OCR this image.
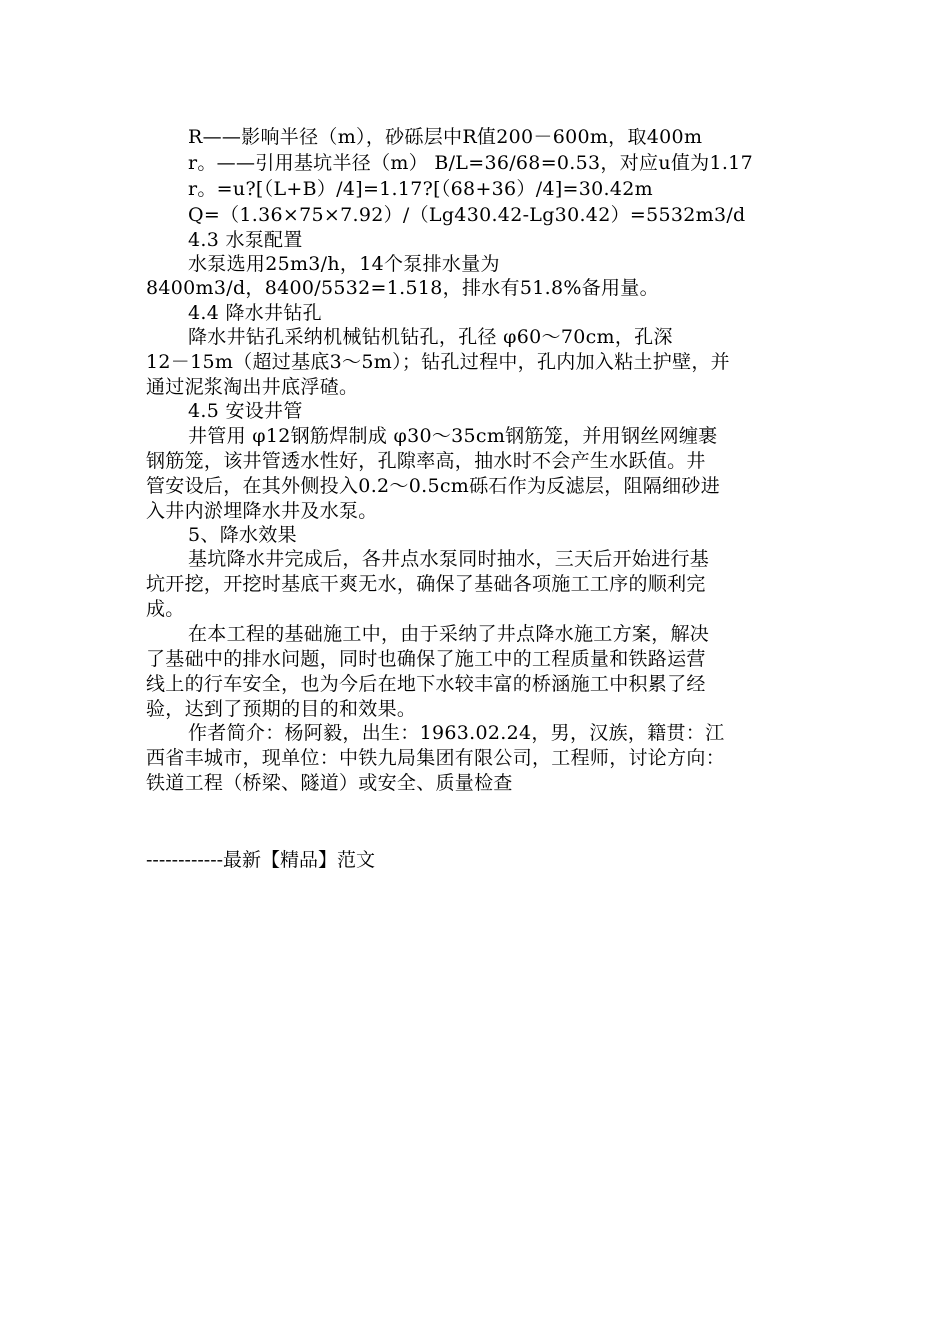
R——影响半径（m），砂砾层中R值200－600m，取400m
r。——引用基坑半径（m） B/L=36/68=0.53，对应u值为1.17
r。=u?[（L+B）/4]=1.17?[（68+36）/4]=30.42m
Q=（1.36×75×7.92）/（Lg430.42-Lg30.42）=5532m3/d
4.3 水泵配置
水泵选用25m3/h，14个泵排水量为
8400m3/d，8400/5532=1.518，排水有51.8%备用量。
4.4 降水井钻孔
降水井钻孔采纳机械钻机钻孔，孔径 φ60～70cm，孔深
12－15m（超过基底3～5m）；钻孔过程中，孔内加入粘土护壁，并
通过泥浆淘出井底浮碴。
4.5 安设井管
井管用 φ12钢筋焊制成 φ30～35cm钢筋笼，并用钢丝网缠裹
钢筋笼，该井管透水性好，孔隙率高，抽水时不会产生水跃值。井
管安设后，在其外侧投入0.2～0.5cm砾石作为反滤层，阻隔细砂进
入井内淤埋降水井及水泵。
5、降水效果
基坑降水井完成后，各井点水泵同时抽水，三天后开始进行基
坑开挖，开挖时基底干爽无水，确保了基础各项施工工序的顺利完
成。
在本工程的基础施工中，由于采纳了井点降水施工方案，解决
了基础中的排水问题，同时也确保了施工中的工程质量和铁路运营
线上的行车安全，也为今后在地下水较丰富的桥涵施工中积累了经
验，达到了预期的目的和效果。
作者简介：杨阿毅，出生：1963.02.24，男，汉族，籍贯：江
西省丰城市，现单位：中铁九局集团有限公司，工程师，讨论方向：
铁道工程（桥梁、隧道）或安全、质量检查
------------最新【精品】范文
